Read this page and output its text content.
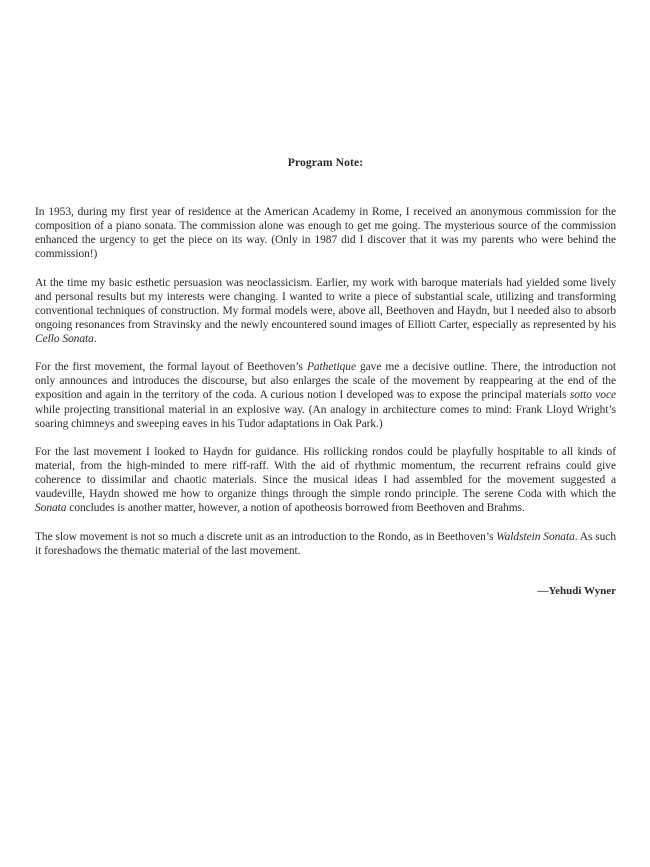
Program Note:

In 1953, during my first year of residence at the American Academy in Rome, I received an anonymous commission for the composition of a piano sonata. The commission alone was enough to get me going. The mysterious source of the commission enhanced the urgency to get the piece on its way. (Only in 1987 did I discover that it was my parents who were behind the commission!)

At the time my basic esthetic persuasion was neoclassicism. Earlier, my work with baroque materials had yielded some lively and personal results but my interests were changing. I wanted to write a piece of substantial scale, utilizing and transforming conventional techniques of construction. My formal models were, above all, Beethoven and Haydn, but I needed also to absorb ongoing resonances from Stravinsky and the newly encountered sound images of Elliott Carter, especially as represented by his Cello Sonata.

For the first movement, the formal layout of Beethoven’s Pathetique gave me a decisive outline. There, the introduction not only announces and introduces the discourse, but also enlarges the scale of the movement by reappearing at the end of the exposition and again in the territory of the coda. A curious notion I developed was to expose the principal materials sotto voce while projecting transitional material in an explosive way. (An analogy in architecture comes to mind: Frank Lloyd Wright’s soaring chimneys and sweeping eaves in his Tudor adaptations in Oak Park.)

For the last movement I looked to Haydn for guidance. His rollicking rondos could be playfully hospitable to all kinds of material, from the high-minded to mere riff-raff. With the aid of rhythmic momentum, the recurrent refrains could give coherence to dissimilar and chaotic materials. Since the musical ideas I had assembled for the movement suggested a vaudeville, Haydn showed me how to organize things through the simple rondo principle. The serene Coda with which the Sonata concludes is another matter, however, a notion of apotheosis borrowed from Beethoven and Brahms.

The slow movement is not so much a discrete unit as an introduction to the Rondo, as in Beethoven’s Waldstein Sonata. As such it foreshadows the thematic material of the last movement.

—Yehudi Wyner
